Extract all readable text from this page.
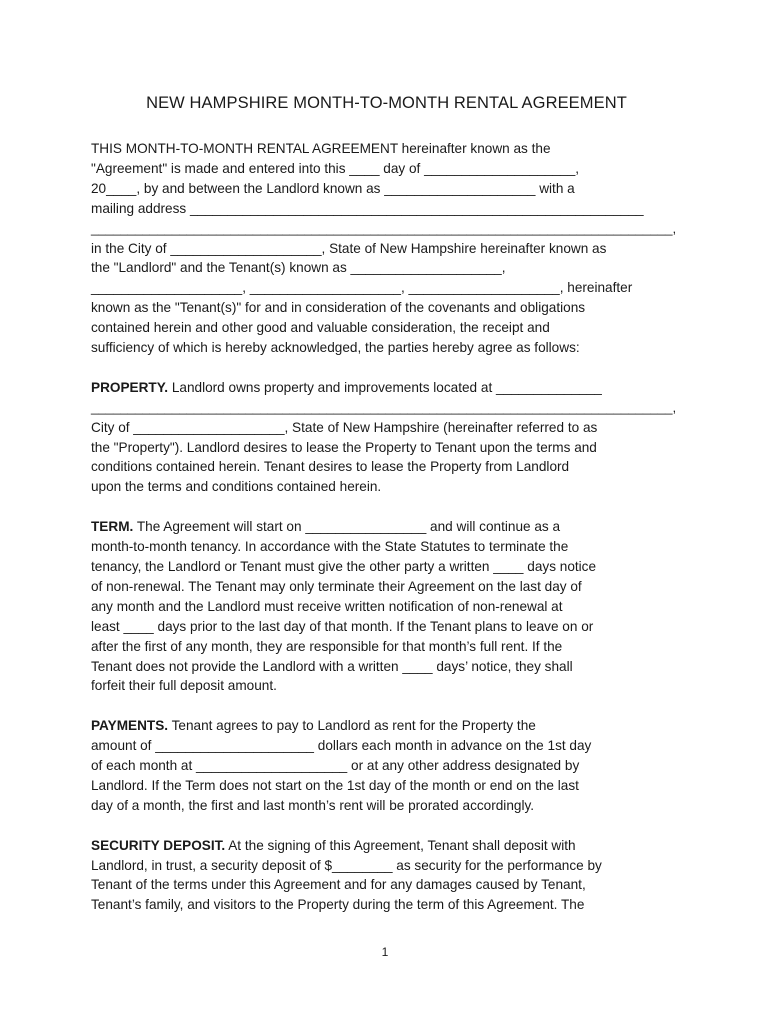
NEW HAMPSHIRE MONTH-TO-MONTH RENTAL AGREEMENT

THIS MONTH-TO-MONTH RENTAL AGREEMENT hereinafter known as the
"Agreement" is made and entered into this ____ day of ____________________,
20____, by and between the Landlord known as ____________________ with a
mailing address ____________________________________________________________
_______________________________________________________________________________,
in the City of ____________________, State of New Hampshire hereinafter known as
the "Landlord" and the Tenant(s) known as ____________________,
____________________, ____________________, ____________________, hereinafter
known as the "Tenant(s)" for and in consideration of the covenants and obligations
contained herein and other good and valuable consideration, the receipt and
sufficiency of which is hereby acknowledged, the parties hereby agree as follows:

PROPERTY. Landlord owns property and improvements located at ______________
_______________________________________________________________________________,
City of ____________________, State of New Hampshire (hereinafter referred to as
the "Property"). Landlord desires to lease the Property to Tenant upon the terms and
conditions contained herein. Tenant desires to lease the Property from Landlord
upon the terms and conditions contained herein.

TERM. The Agreement will start on ________________ and will continue as a
month-to-month tenancy. In accordance with the State Statutes to terminate the
tenancy, the Landlord or Tenant must give the other party a written ____ days notice
of non-renewal. The Tenant may only terminate their Agreement on the last day of
any month and the Landlord must receive written notification of non-renewal at
least ____ days prior to the last day of that month. If the Tenant plans to leave on or
after the first of any month, they are responsible for that month’s full rent. If the
Tenant does not provide the Landlord with a written ____ days’ notice, they shall
forfeit their full deposit amount.

PAYMENTS. Tenant agrees to pay to Landlord as rent for the Property the
amount of _____________________ dollars each month in advance on the 1st day
of each month at ____________________ or at any other address designated by
Landlord. If the Term does not start on the 1st day of the month or end on the last
day of a month, the first and last month’s rent will be prorated accordingly.

SECURITY DEPOSIT. At the signing of this Agreement, Tenant shall deposit with
Landlord, in trust, a security deposit of $________ as security for the performance by
Tenant of the terms under this Agreement and for any damages caused by Tenant,
Tenant’s family, and visitors to the Property during the term of this Agreement. The

1
